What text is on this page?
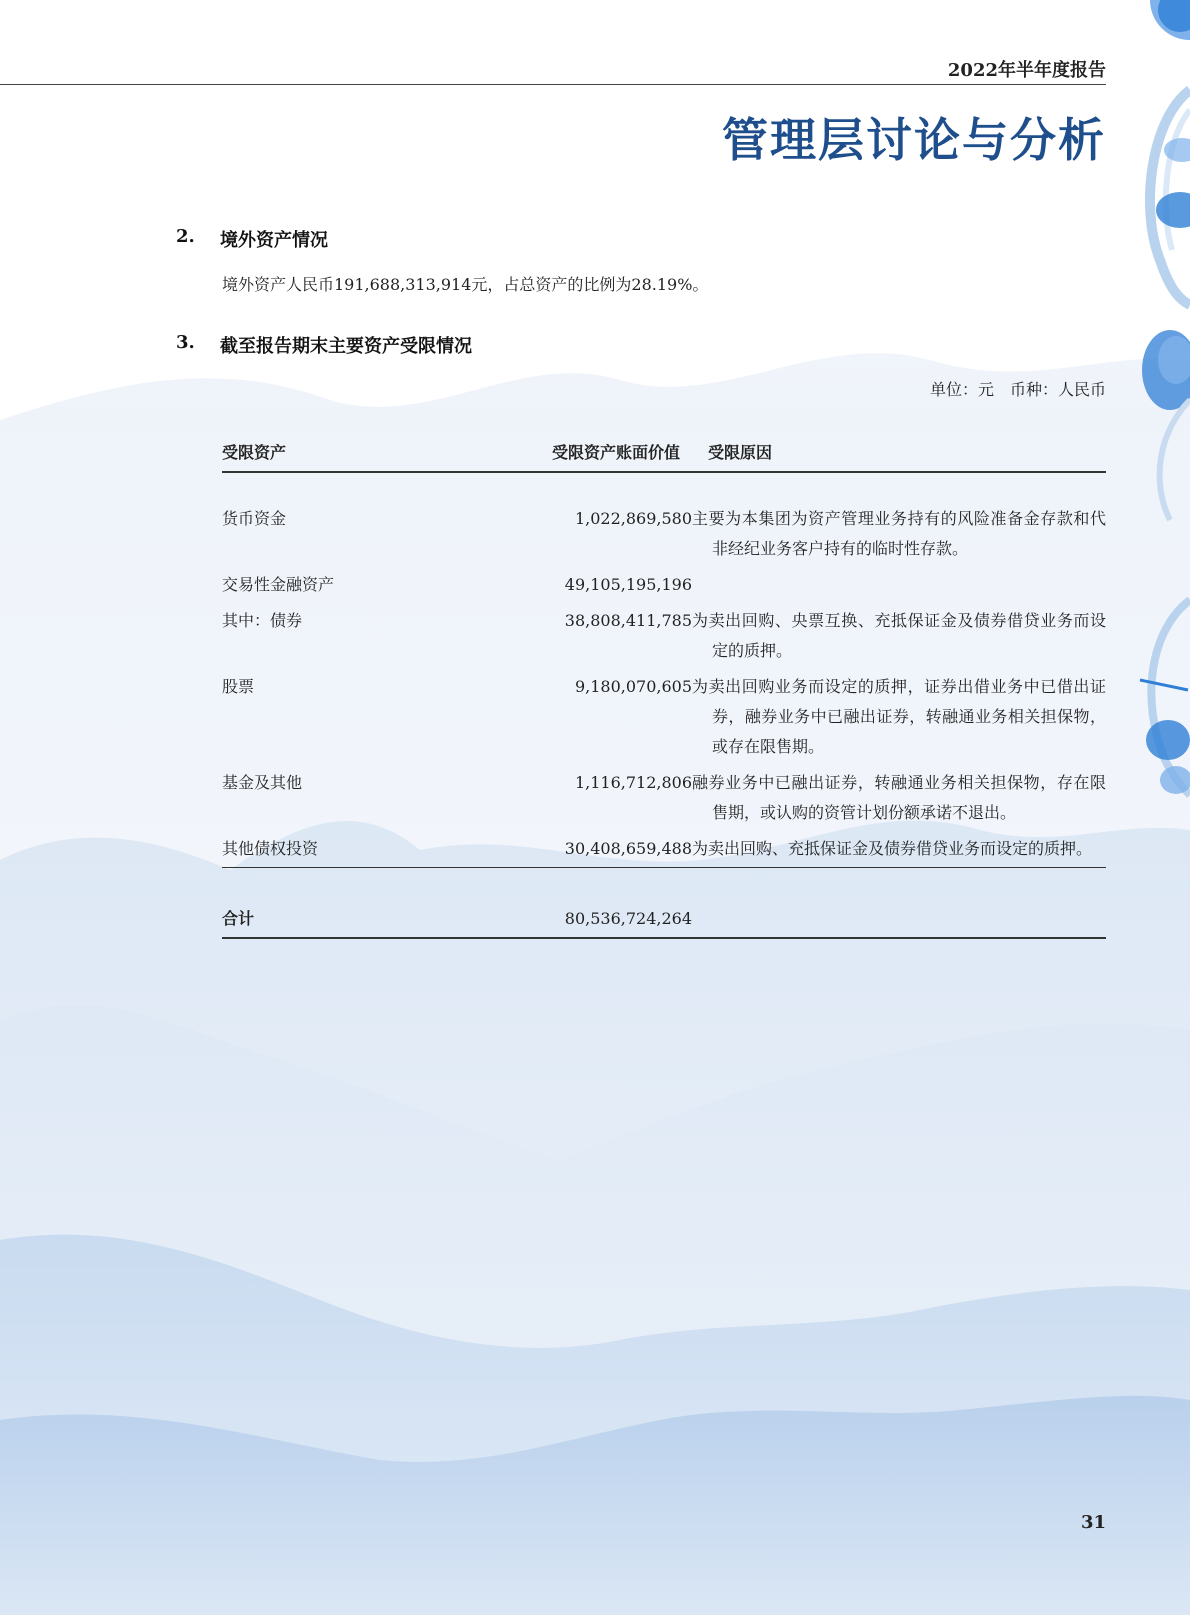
2022年半年度报告
管理层讨论与分析
2. 境外资产情况
境外资产人民币191,688,313,914元，占总资产的比例为28.19%。
3. 截至报告期末主要资产受限情况
单位：元　币种：人民币
受限资产	受限资产账面价值	受限原因

货币资金	1,022,869,580	主要为本集团为资产管理业务持有的风险准备金存款和代非经纪业务客户持有的临时性存款。

交易性金融资产	49,105,195,196	

其中：债券	38,808,411,785	为卖出回购、央票互换、充抵保证金及债券借贷业务而设定的质押。

股票	9,180,070,605	为卖出回购业务而设定的质押，证券出借业务中已借出证券，融券业务中已融出证券，转融通业务相关担保物，或存在限售期。

基金及其他	1,116,712,806	融券业务中已融出证券，转融通业务相关担保物，存在限售期，或认购的资管计划份额承诺不退出。

其他债权投资	30,408,659,488	为卖出回购、充抵保证金及债券借贷业务而设定的质押。

合计	80,536,724,264	
31
